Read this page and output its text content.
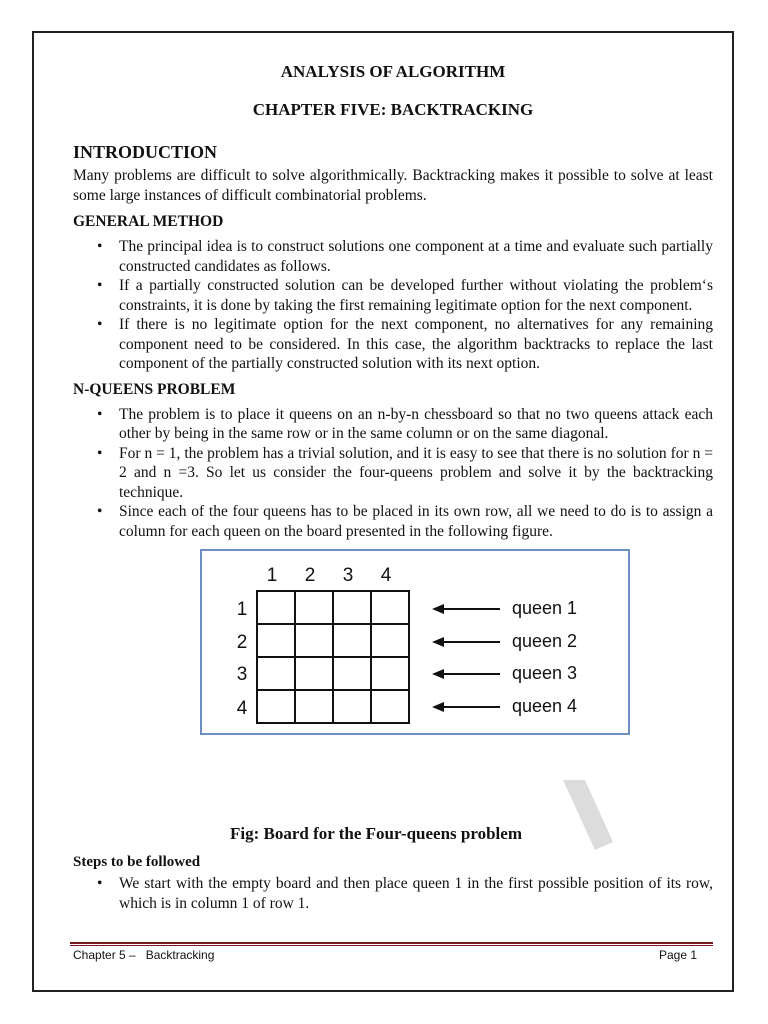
ANALYSIS OF ALGORITHM

CHAPTER FIVE: BACKTRACKING

INTRODUCTION

Many problems are difficult to solve algorithmically. Backtracking makes it possible to solve at least some large instances of difficult combinatorial problems.

GENERAL METHOD

• The principal idea is to construct solutions one component at a time and evaluate such partially constructed candidates as follows.
• If a partially constructed solution can be developed further without violating the problem‘s constraints, it is done by taking the first remaining legitimate option for the next component.
• If there is no legitimate option for the next component, no alternatives for any remaining component need to be considered. In this case, the algorithm backtracks to replace the last component of the partially constructed solution with its next option.

N-QUEENS PROBLEM

• The problem is to place it queens on an n-by-n chessboard so that no two queens attack each other by being in the same row or in the same column or on the same diagonal.
• For n = 1, the problem has a trivial solution, and it is easy to see that there is no solution for n = 2 and n =3. So let us consider the four-queens problem and solve it by the backtracking technique.
• Since each of the four queens has to be placed in its own row, all we need to do is to assign a column for each queen on the board presented in the following figure.
1 2 3 4
1
2
3
4
queen 1
queen 2
queen 3
queen 4
Fig: Board for the Four-queens problem

Steps to be followed

• We start with the empty board and then place queen 1 in the first possible position of its row, which is in column 1 of row 1.
Chapter 5 –   Backtracking	Page 1
